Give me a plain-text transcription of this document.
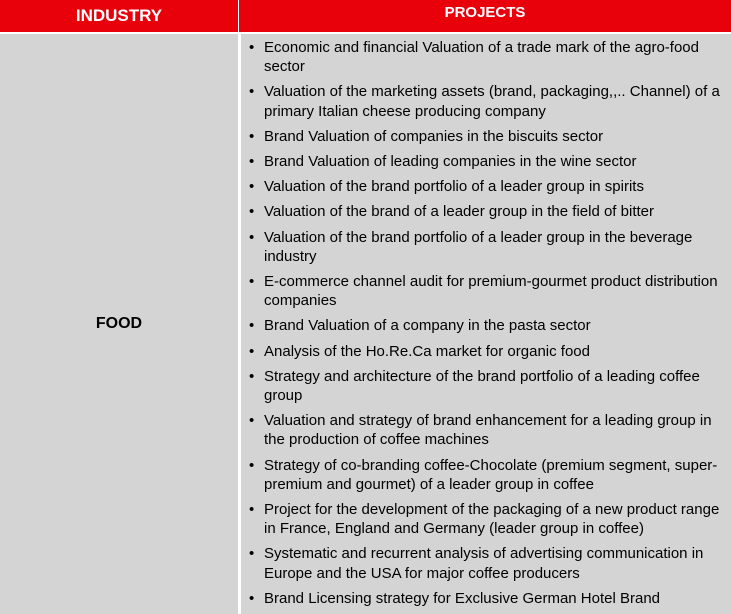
INDUSTRY	PROJECTS
FOOD
• Economic and financial Valuation of a trade mark of the agro-food sector
• Valuation of the marketing assets (brand, packaging,,.. Channel) of a primary Italian cheese producing company
• Brand Valuation of companies in the biscuits sector
• Brand Valuation of leading companies in the wine sector
• Valuation of the brand portfolio of a leader group in spirits
• Valuation of the brand of a leader group in the field of bitter
• Valuation of the brand portfolio of a leader group in the beverage industry
• E-commerce channel audit for premium-gourmet product distribution companies
• Brand Valuation of a company in the pasta sector
• Analysis of the Ho.Re.Ca market for organic food
• Strategy and architecture of the brand portfolio of a leading coffee group
• Valuation and strategy of brand enhancement for a leading group in the production of coffee machines
• Strategy of co-branding coffee-Chocolate (premium segment, super-premium and gourmet) of a leader group in coffee
• Project for the development of the packaging of a new product range in France, England and Germany (leader group in coffee)
• Systematic and recurrent analysis of advertising communication in Europe and the USA for major coffee producers
• Brand Licensing strategy for Exclusive German Hotel Brand
